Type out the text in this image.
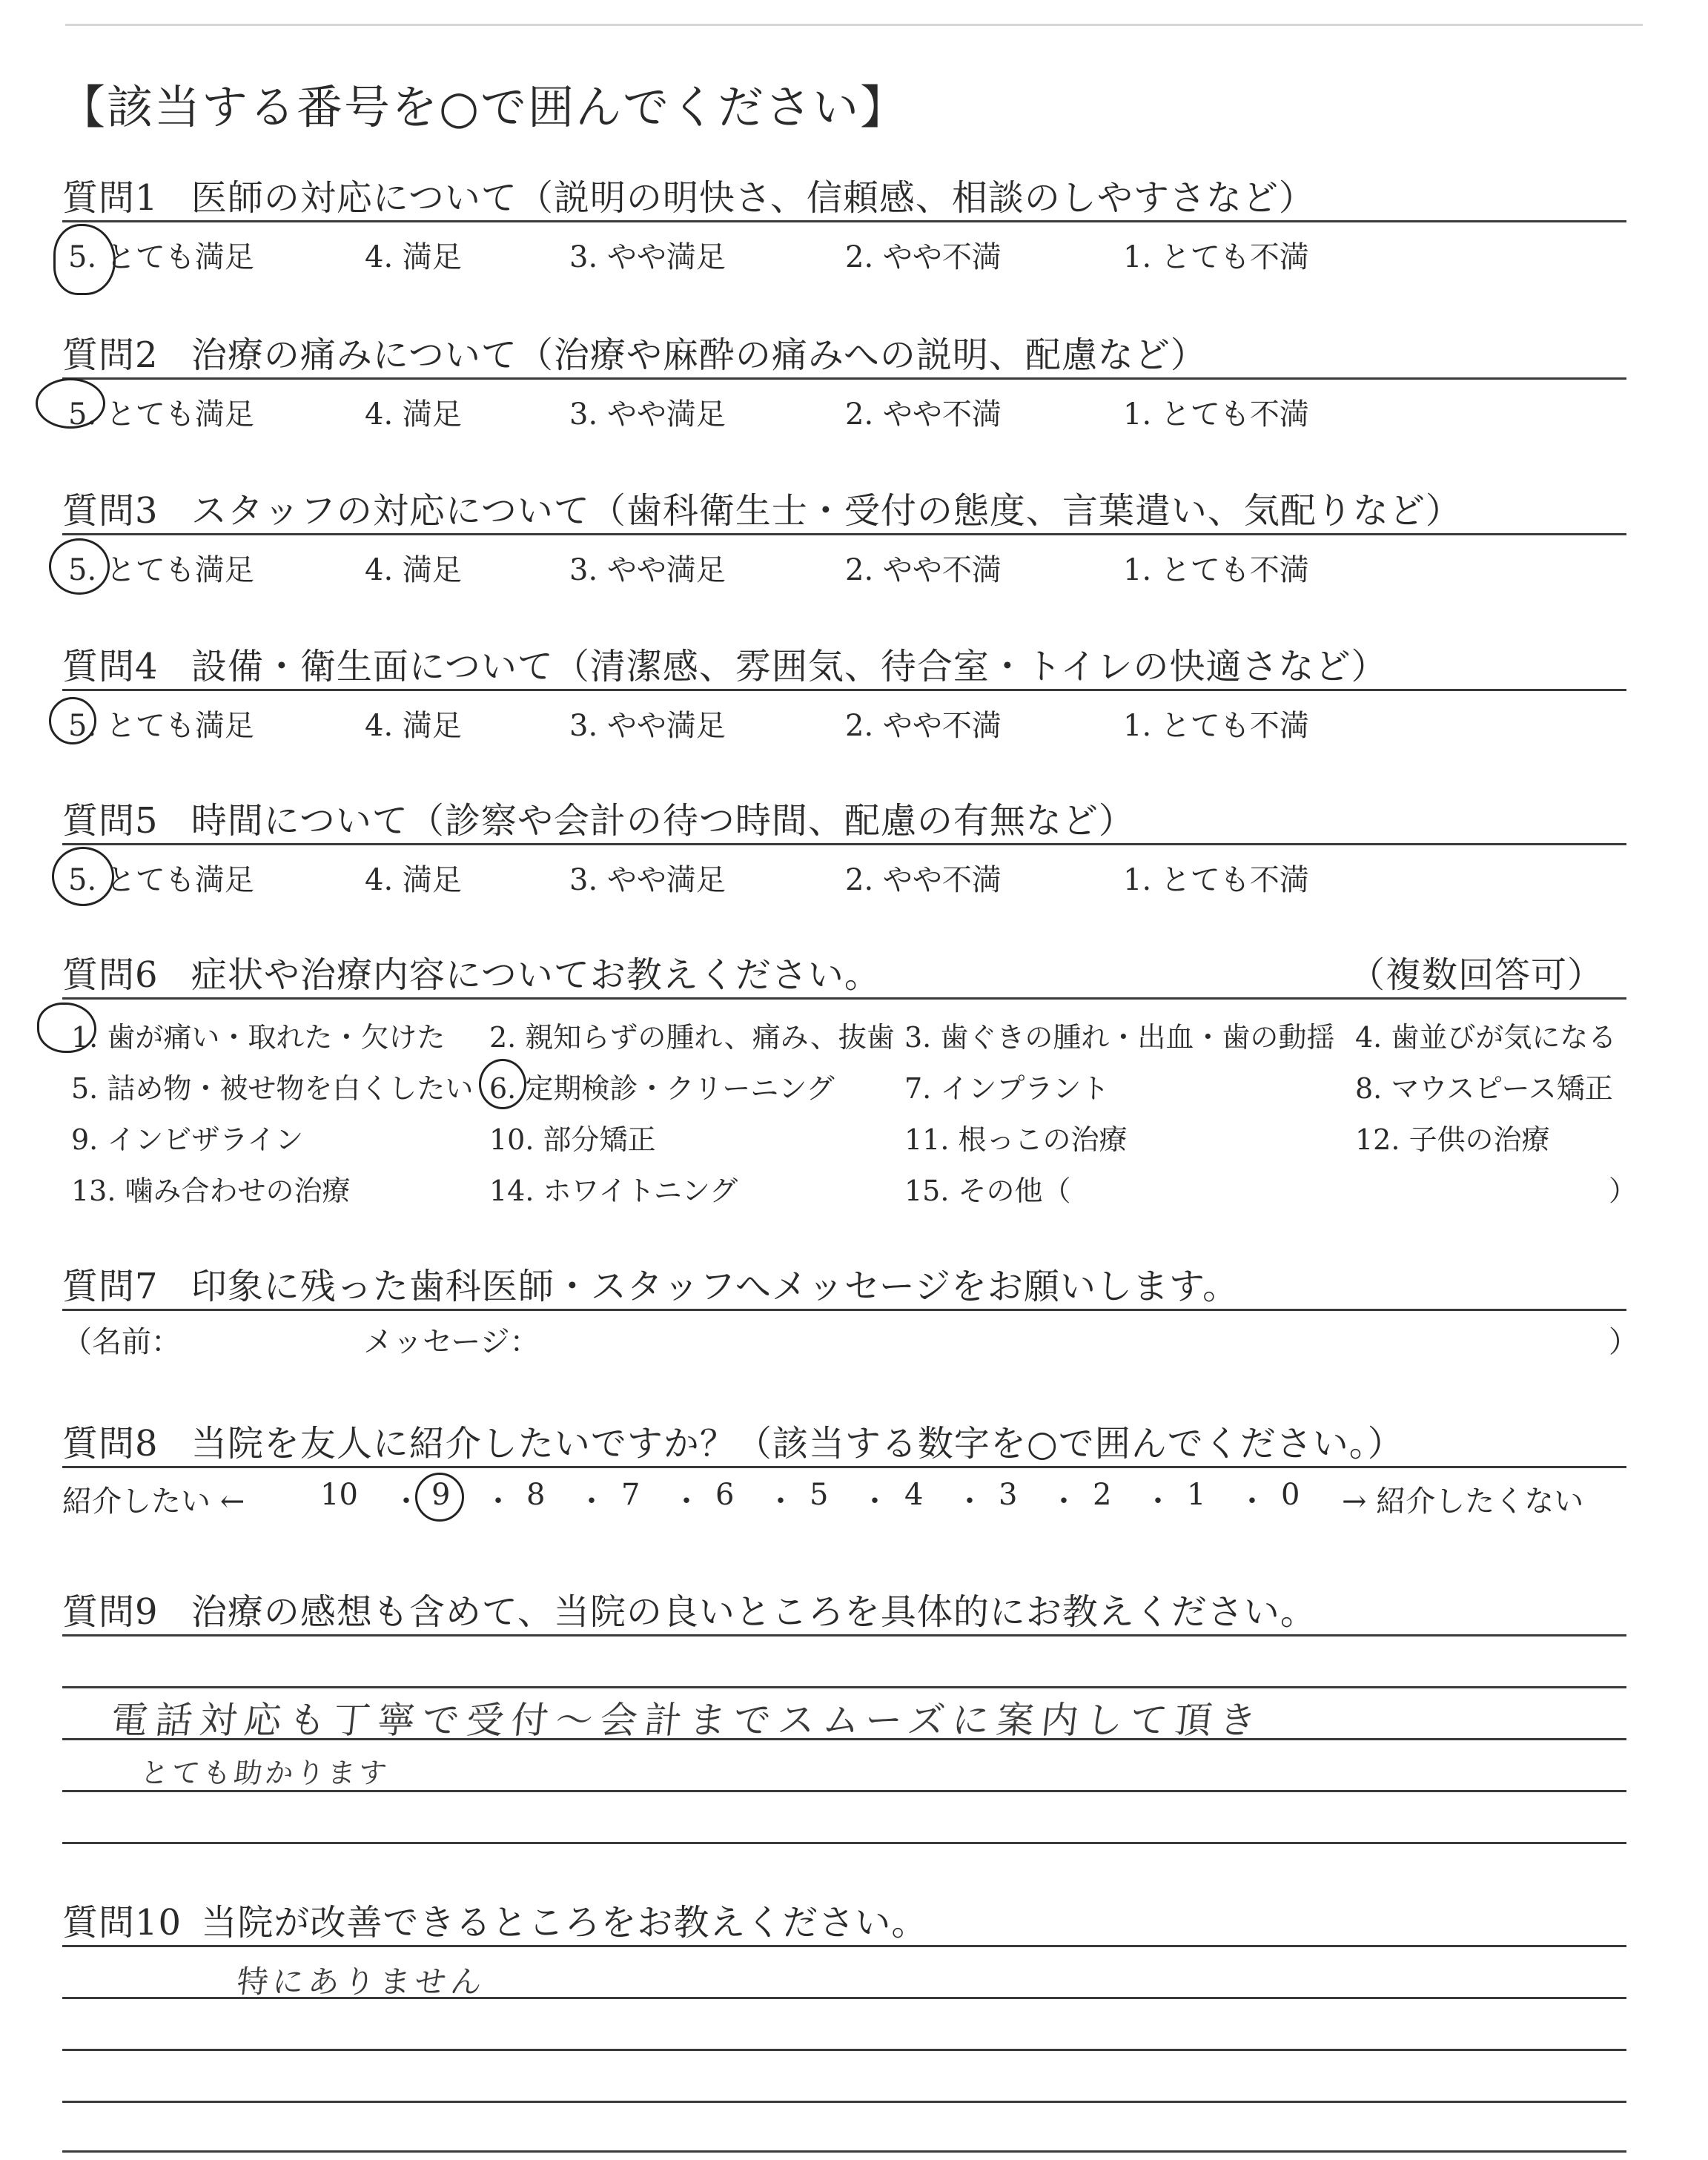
【該当する番号を○で囲んでください】
質問1 医師の対応について（説明の明快さ、信頼感、相談のしやすさなど）
5. とても満足	4. 満足	3. やや満足	2. やや不満	1. とても不満
質問2 治療の痛みについて（治療や麻酔の痛みへの説明、配慮など）
5. とても満足	4. 満足	3. やや満足	2. やや不満	1. とても不満
質問3 スタッフの対応について（歯科衛生士・受付の態度、言葉遣い、気配りなど）
5. とても満足	4. 満足	3. やや満足	2. やや不満	1. とても不満
質問4 設備・衛生面について（清潔感、雰囲気、待合室・トイレの快適さなど）
5. とても満足	4. 満足	3. やや満足	2. やや不満	1. とても不満
質問5 時間について（診察や会計の待つ時間、配慮の有無など）
5. とても満足	4. 満足	3. やや満足	2. やや不満	1. とても不満
質問6 症状や治療内容についてお教えください。	（複数回答可）
1. 歯が痛い・取れた・欠けた 2. 親知らずの腫れ、痛み、抜歯 3. 歯ぐきの腫れ・出血・歯の動揺 4. 歯並びが気になる
5. 詰め物・被せ物を白くしたい 6. 定期検診・クリーニング 7. インプラント	8. マウスピース矯正
9. インビザライン	10. 部分矯正	11. 根っこの治療	12. 子供の治療
13. 噛み合わせの治療	14. ホワイトニング	15. その他（	）
質問7 印象に残った歯科医師・スタッフへメッセージをお願いします。
（名前：	メッセージ：	）
質問8 当院を友人に紹介したいですか？（該当する数字を○で囲んでください。）
紹介したい ←	10 ・ 9 ・ 8 ・ 7 ・ 6 ・ 5 ・ 4 ・ 3 ・ 2 ・ 1 ・ 0 → 紹介したくない
質問9 治療の感想も含めて、当院の良いところを具体的にお教えください。
電話対応も丁寧で受付～会計までスムーズに案内して頂き
とても助かります
質問10 当院が改善できるところをお教えください。
特にありません
